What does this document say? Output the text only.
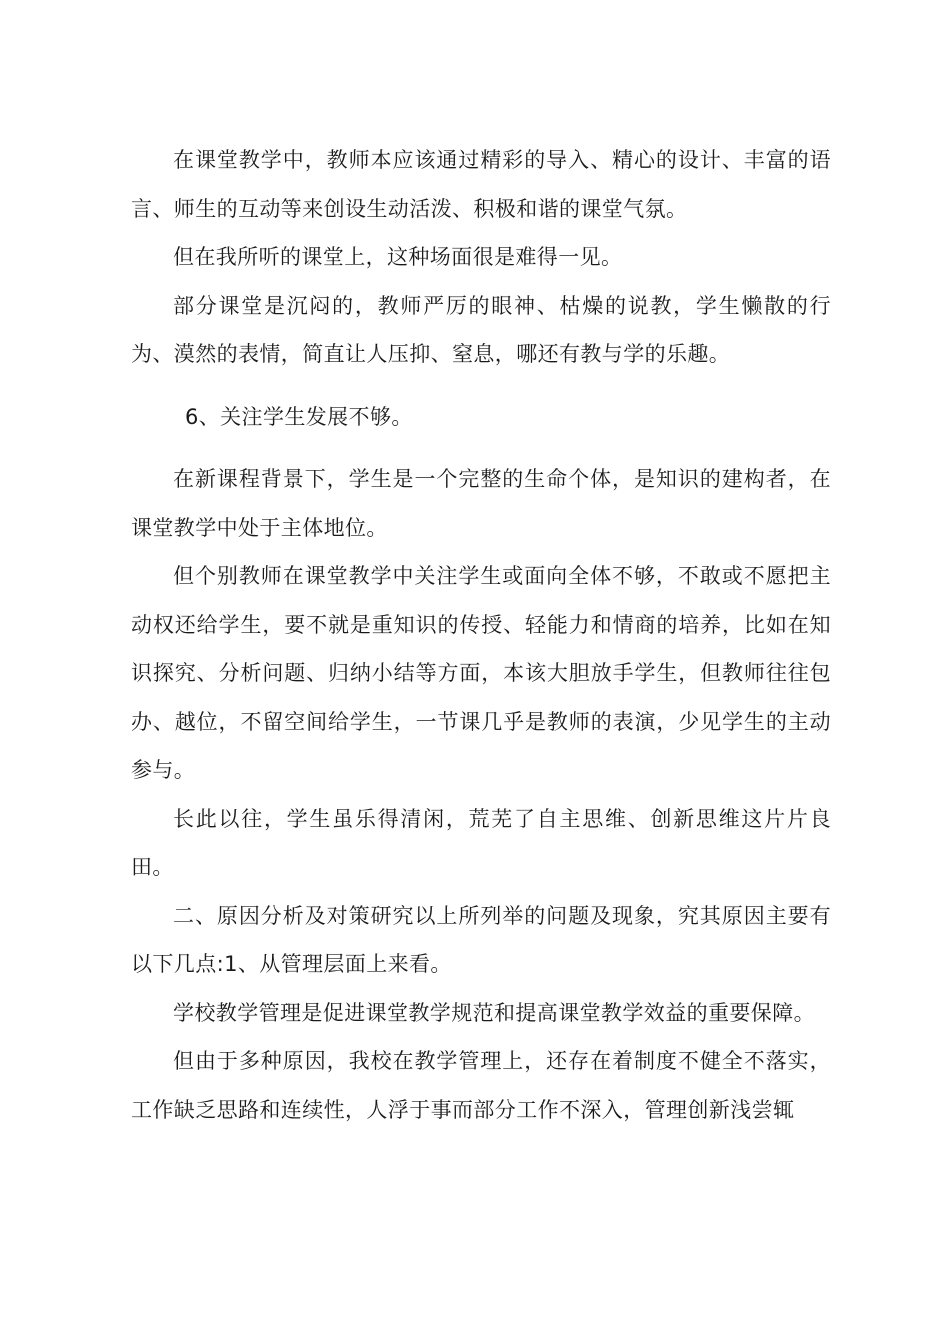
在课堂教学中，教师本应该通过精彩的导入、精心的设计、丰富的语言、师生的互动等来创设生动活泼、积极和谐的课堂气氛。

但在我所听的课堂上，这种场面很是难得一见。

部分课堂是沉闷的，教师严厉的眼神、枯燥的说教，学生懒散的行为、漠然的表情，简直让人压抑、窒息，哪还有教与学的乐趣。

6、关注学生发展不够。

在新课程背景下，学生是一个完整的生命个体，是知识的建构者，在课堂教学中处于主体地位。

但个别教师在课堂教学中关注学生或面向全体不够，不敢或不愿把主动权还给学生，要不就是重知识的传授、轻能力和情商的培养，比如在知识探究、分析问题、归纳小结等方面，本该大胆放手学生，但教师往往包办、越位，不留空间给学生，一节课几乎是教师的表演，少见学生的主动参与。

长此以往，学生虽乐得清闲，荒芜了自主思维、创新思维这片片良田。

二、原因分析及对策研究以上所列举的问题及现象，究其原因主要有以下几点:1、从管理层面上来看。

学校教学管理是促进课堂教学规范和提高课堂教学效益的重要保障。

但由于多种原因，我校在教学管理上，还存在着制度不健全不落实，工作缺乏思路和连续性，人浮于事而部分工作不深入，管理创新浅尝辄
